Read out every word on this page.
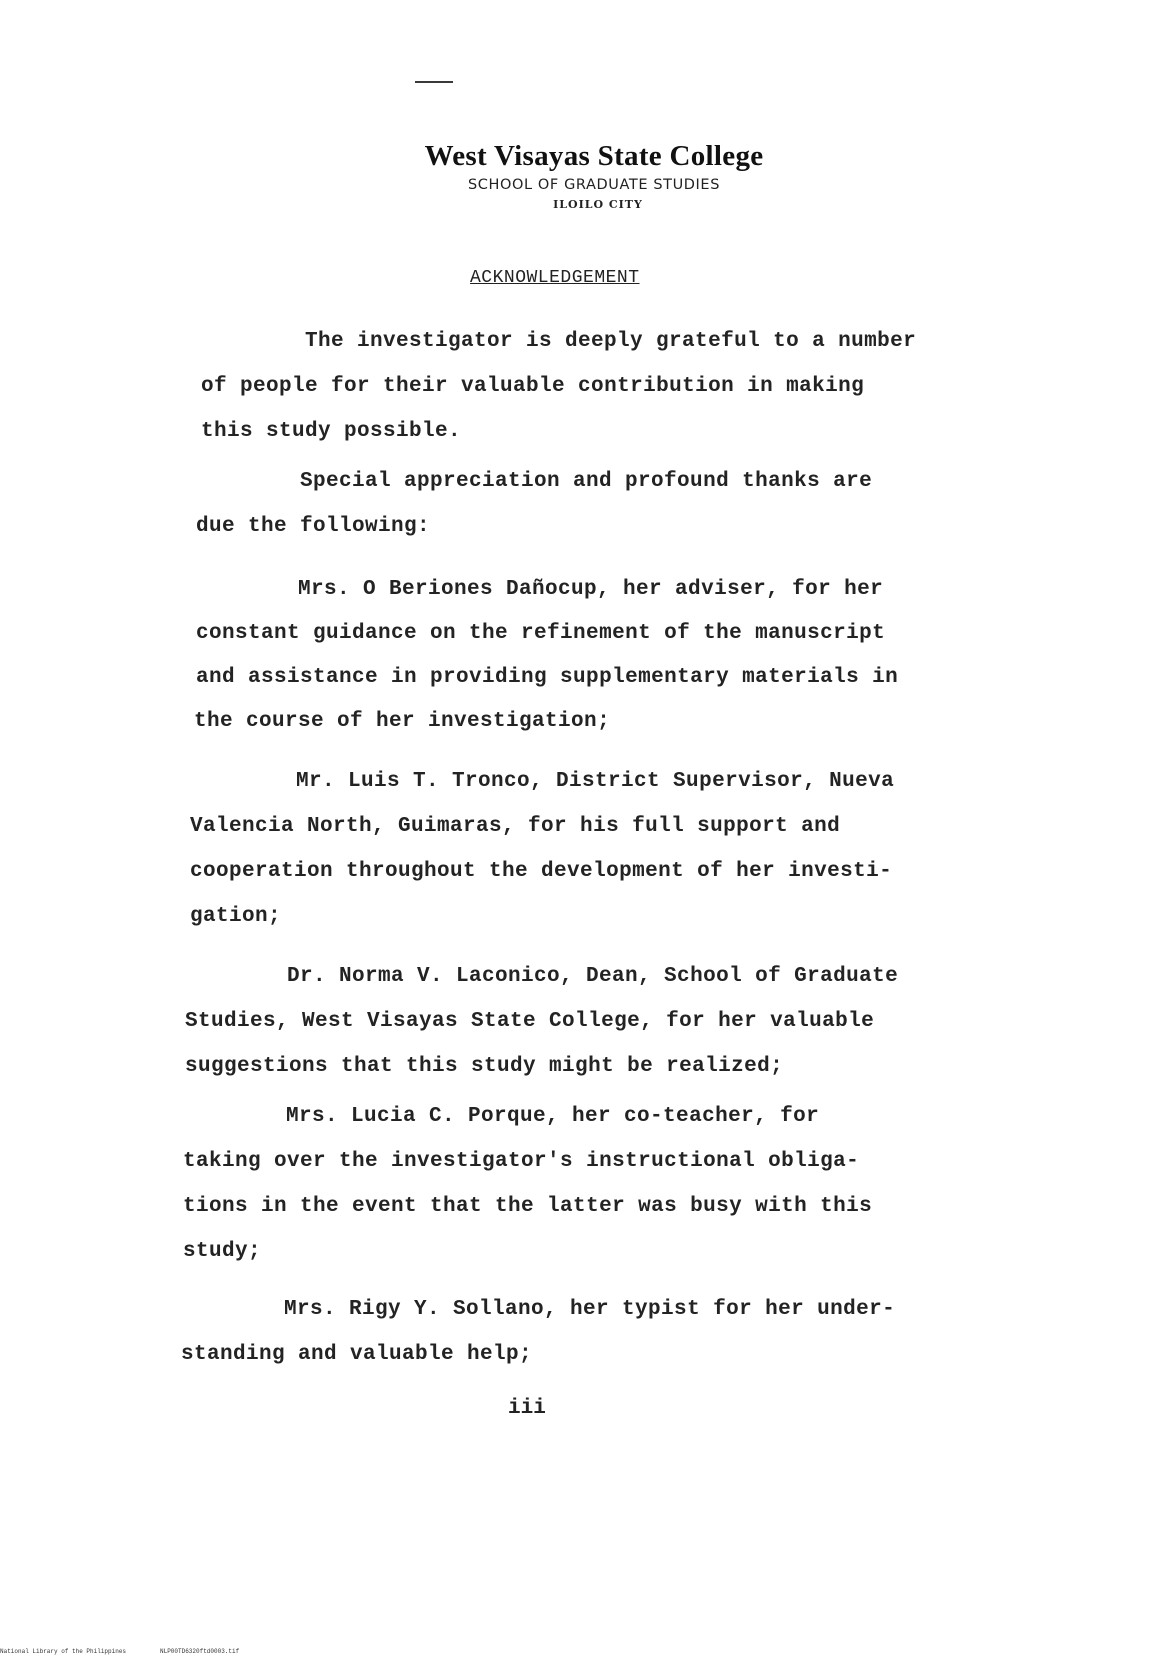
West Visayas State College
SCHOOL OF GRADUATE STUDIES
ILOILO CITY
ACKNOWLEDGEMENT
The investigator is deeply grateful to a number
of people for their valuable contribution in making
this study possible.
Special appreciation and profound thanks are
due the following:
Mrs. O Beriones Dañocup, her adviser, for her
constant guidance on the refinement of the manuscript
and assistance in providing supplementary materials in
the course of her investigation;
Mr. Luis T. Tronco, District Supervisor, Nueva
Valencia North, Guimaras, for his full support and
cooperation throughout the development of her investi-
gation;
Dr. Norma V. Laconico, Dean, School of Graduate
Studies, West Visayas State College, for her valuable
suggestions that this study might be realized;
Mrs. Lucia C. Porque, her co-teacher, for
taking over the investigator's instructional obliga-
tions in the event that the latter was busy with this
study;
Mrs. Rigy Y. Sollano, her typist for her under-
standing and valuable help;
iii
National Library of the Philippines	NLP00TD6320ftd0003.tif
